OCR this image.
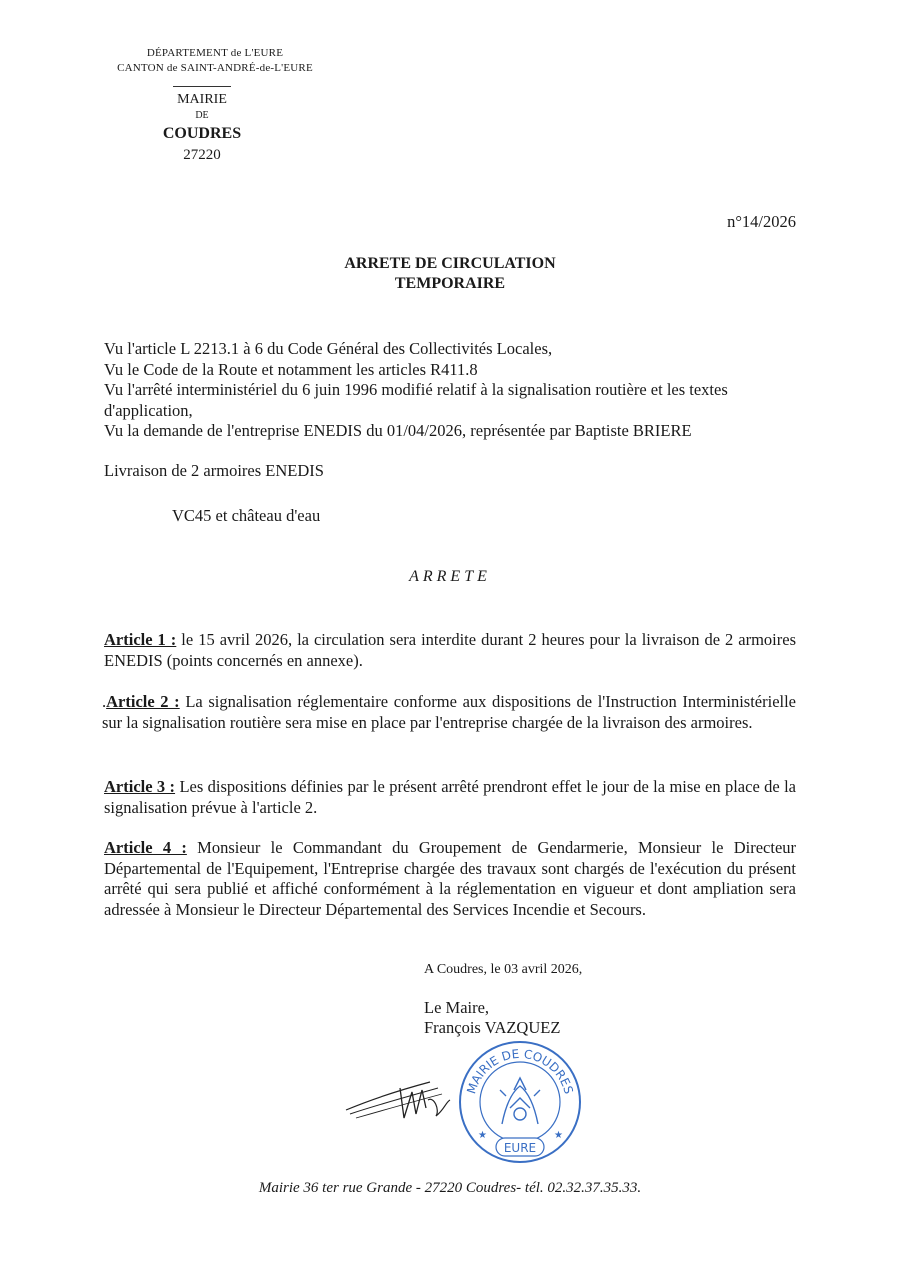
DÉPARTEMENT de L'EURE
CANTON de SAINT-ANDRÉ-de-L'EURE
MAIRIE
DE
COUDRES
27220
n°14/2026
ARRETE DE CIRCULATION
TEMPORAIRE

Vu l'article L 2213.1 à 6 du Code Général des Collectivités Locales,

Vu le Code de la Route et notamment les articles R411.8

Vu l'arrêté interministériel du 6 juin 1996 modifié relatif à la signalisation routière et les textes d'application,

Vu la demande de l'entreprise ENEDIS du 01/04/2026, représentée par Baptiste BRIERE

Livraison de 2 armoires ENEDIS
VC45 et château d'eau
ARRETE
Article 1 : le 15 avril 2026, la circulation sera interdite durant 2 heures pour la livraison de 2 armoires ENEDIS (points concernés en annexe).
.Article 2 : La signalisation réglementaire conforme aux dispositions de l'Instruction Interministérielle sur la signalisation routière sera mise en place par l'entreprise chargée de la livraison des armoires.
Article 3 : Les dispositions définies par le présent arrêté prendront effet le jour de la mise en place de la signalisation prévue à l'article 2.
Article 4 : Monsieur le Commandant du Groupement de Gendarmerie, Monsieur le Directeur Départemental de l'Equipement, l'Entreprise chargée des travaux sont chargés de l'exécution du présent arrêté qui sera publié et affiché conformément à la réglementation en vigueur et dont ampliation sera adressée à Monsieur le Directeur Départemental des Services Incendie et Secours.
A Coudres, le 03 avril 2026,
Le Maire,
François VAZQUEZ
MAIRIE DE COUDRES
EURE
★	★
Mairie 36 ter rue Grande - 27220 Coudres- tél. 02.32.37.35.33.
